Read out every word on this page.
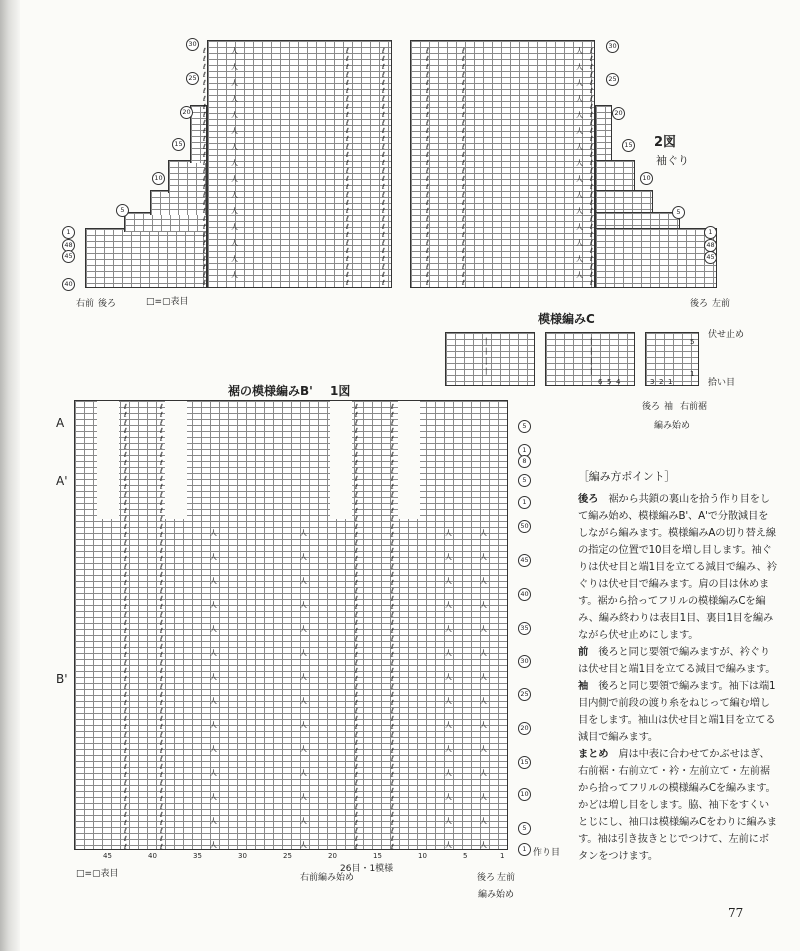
30
25
20
15
10
5
1
48
45
40
30
25
20
15
10
5
1
48
45
2図
袖ぐり
右前 後ろ	後ろ 左前
□=▢表目
模様編みC
伏せ止め
拾い目
後ろ 袖 右前裾
編み始め
5
1
6 5 4	3 2 1
裾の模様編みB' 1図
A
A'
B'
5
1
8
5
1
50
45
40
35
30
25
20
15
10
5
1 作り目
45	40	35	30	25	20	15	10	5	1
26目・1模様
右前編み始め	後ろ 左前
編み始め
□=▢表目
ℓ
ℓ
ℓ
ℓ
ℓ
ℓ
ℓ
ℓ
ℓ
ℓ
ℓ
ℓ
ℓ
ℓ
ℓ
ℓ
ℓ
ℓ
ℓ
ℓ
ℓ
ℓ
ℓ
ℓ
ℓ
ℓ
ℓ
ℓ
ℓ
ℓ
人
人
人
人
人
人
人
人
人
人
人
人
人
人
人
ℓ
ℓ
ℓ
ℓ
ℓ
ℓ
ℓ
ℓ
ℓ
ℓ
ℓ
ℓ
ℓ
ℓ
ℓ
ℓ
ℓ
ℓ
ℓ
ℓ
ℓ
ℓ
ℓ
ℓ
ℓ
ℓ
ℓ
ℓ
ℓ
ℓ
ℓ
ℓ
ℓ
ℓ
ℓ
ℓ
ℓ
ℓ
ℓ
ℓ
ℓ
ℓ
ℓ
ℓ
ℓ
ℓ
ℓ
ℓ
ℓ
ℓ
ℓ
ℓ
ℓ
ℓ
ℓ
ℓ
ℓ
ℓ
ℓ
ℓ
ℓ
ℓ
ℓ
ℓ
ℓ
ℓ
ℓ
ℓ
ℓ
ℓ
ℓ
ℓ
ℓ
ℓ
ℓ
ℓ
ℓ
ℓ
ℓ
ℓ
ℓ
ℓ
ℓ
ℓ
ℓ
ℓ
ℓ
ℓ
ℓ
ℓ
ℓ
ℓ
ℓ
ℓ
ℓ
ℓ
ℓ
ℓ
ℓ
ℓ
ℓ
ℓ
ℓ
ℓ
ℓ
ℓ
ℓ
ℓ
ℓ
ℓ
ℓ
ℓ
ℓ
ℓ
ℓ
ℓ
ℓ
ℓ
ℓ
ℓ
人
人
人
人
人
人
人
人
人
人
人
人
人
人
人
ℓ
ℓ
ℓ
ℓ
ℓ
ℓ
ℓ
ℓ
ℓ
ℓ
ℓ
ℓ
ℓ
ℓ
ℓ
ℓ
ℓ
ℓ
ℓ
ℓ
ℓ
ℓ
ℓ
ℓ
ℓ
ℓ
ℓ
ℓ
ℓ
ℓ
ℓ
ℓ
ℓ
ℓ
ℓ
ℓ
ℓ
ℓ
ℓ
ℓ
ℓ
ℓ
ℓ
ℓ
ℓ
ℓ
ℓ
ℓ
ℓ
ℓ
ℓ
ℓ
ℓ
ℓ
ℓ
ℓ
ℓ
ℓ
ℓ
ℓ
ℓ
ℓ
ℓ
ℓ
ℓ
ℓ
ℓ
ℓ
ℓ
ℓ
ℓ
ℓ
ℓ
ℓ
ℓ
ℓ
ℓ
ℓ
ℓ
ℓ
ℓ
ℓ
ℓ
ℓ
ℓ
ℓ
ℓ
ℓ
ℓ
ℓ
ℓ
ℓ
ℓ
ℓ
ℓ
ℓ
ℓ
ℓ
ℓ
ℓ
ℓ
ℓ
ℓ
ℓ
ℓ
ℓ
ℓ
ℓ
ℓ
ℓ
ℓ
ℓ
ℓ
ℓ
ℓ
ℓ
ℓ
ℓ
ℓ
ℓ
ℓ
ℓ
ℓ
ℓ
ℓ
ℓ
ℓ
ℓ
ℓ
ℓ
ℓ
ℓ
ℓ
ℓ
ℓ
ℓ
ℓ
ℓ
ℓ
ℓ
ℓ
ℓ
ℓ
ℓ
ℓ
ℓ
ℓ
ℓ
ℓ
ℓ
ℓ
ℓ
ℓ
ℓ
ℓ
ℓ
ℓ
ℓ
ℓ
ℓ
ℓ
ℓ
ℓ
ℓ
ℓ
ℓ
ℓ
ℓ
ℓ
ℓ
ℓ
ℓ
ℓ
ℓ
ℓ
ℓ
ℓ
ℓ
ℓ
ℓ
ℓ
ℓ
ℓ
ℓ
ℓ
ℓ
ℓ
ℓ
ℓ
ℓ
ℓ
ℓ
ℓ
ℓ
ℓ
ℓ
ℓ
ℓ
ℓ
ℓ
ℓ
ℓ
ℓ
ℓ
ℓ
ℓ
ℓ
ℓ
ℓ
ℓ
ℓ
ℓ
ℓ
ℓ
ℓ
ℓ
ℓ
ℓ
ℓ
ℓ
ℓ
ℓ
ℓ
ℓ
ℓ
ℓ
ℓ
ℓ
ℓ
ℓ
ℓ
ℓ
ℓ
ℓ
ℓ
ℓ
ℓ
ℓ
ℓ
ℓ
ℓ
ℓ
ℓ
ℓ
ℓ
ℓ
ℓ
ℓ
ℓ
ℓ
ℓ
ℓ
ℓ
ℓ
人
人
人
人
人
人
人
人
人
人
人
人
人
人
人
人
人
人
人
人
人
人
人
人
人
人
人
人
人
人
人
人
人
人
人
人
人
人
人
人
人
人
人
人
人
人
人
人
人
人
人
人
人
人
人
人
|
|
|
|
|
|
|
|

［編み方ポイント］

後ろ　 裾から共鎖の裏山を拾う作り目をして編み始め、模様編みB'、A'で分散減目をしながら編みます。模様編みAの切り替え線の指定の位置で10目を増し目します。袖ぐりは伏せ目と端1目を立てる減目で編み、衿ぐりは伏せ目で編みます。肩の目は休めます。裾から拾ってフリルの模様編みCを編み、編み終わりは表目1目、裏目1目を編みながら伏せ止めにします。

前　 後ろと同じ要領で編みますが、衿ぐりは伏せ目と端1目を立てる減目で編みます。

袖　 後ろと同じ要領で編みます。袖下は端1目内側で前段の渡り糸をねじって編む増し目をします。袖山は伏せ目と端1目を立てる減目で編みます。

まとめ　 肩は中表に合わせてかぶせはぎ、右前裾・右前立て・衿・左前立て・左前裾から拾ってフリルの模様編みCを編みます。かどは増し目をします。脇、袖下をすくいとじにし、袖口は模様編みCをわりに編みます。袖は引き抜きとじでつけて、左前にボタンをつけます。

77
